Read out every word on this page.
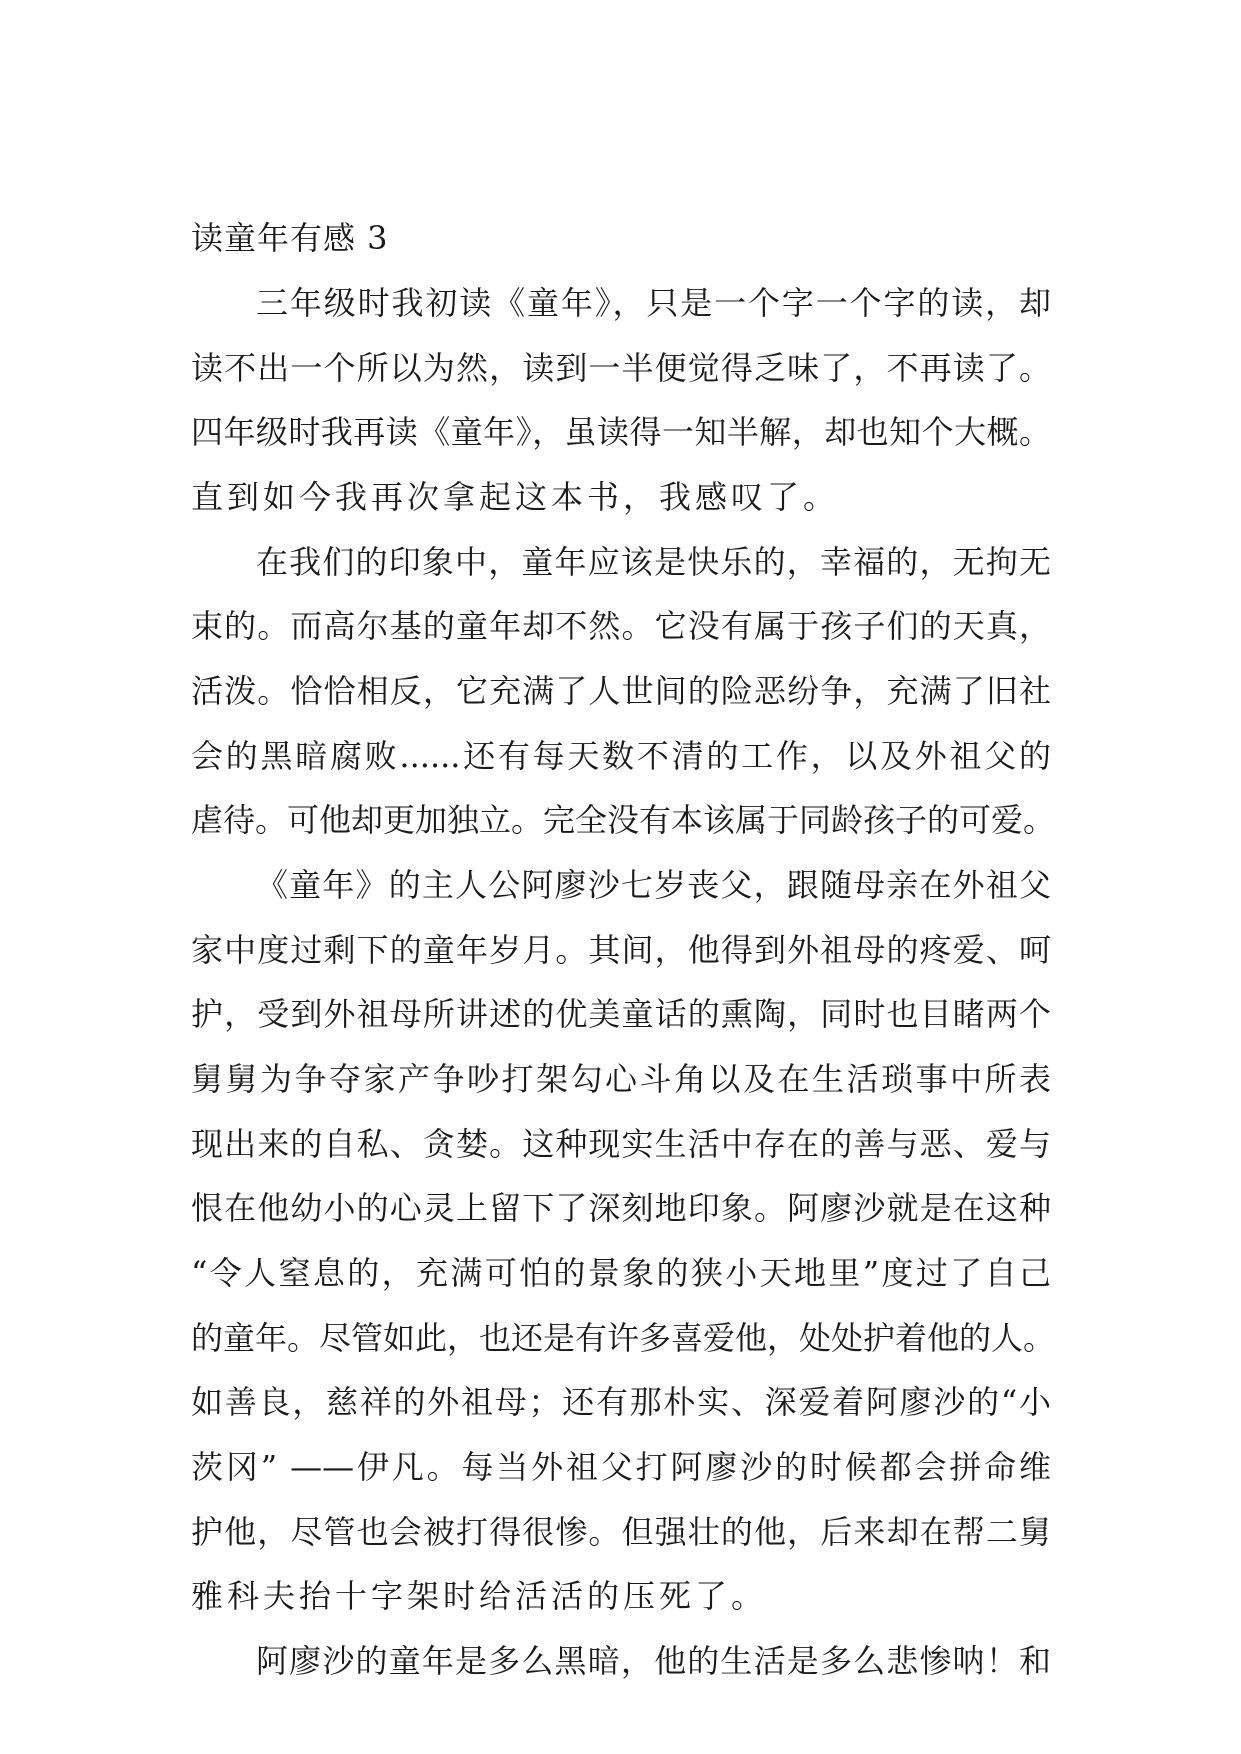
读童年有感 3
三年级时我初读《童年》，只是一个字一个字的读，却
读不出一个所以为然，读到一半便觉得乏味了，不再读了。
四年级时我再读《童年》，虽读得一知半解，却也知个大概。
直到如今我再次拿起这本书，我感叹了。
在我们的印象中，童年应该是快乐的，幸福的，无拘无
束的。而高尔基的童年却不然。它没有属于孩子们的天真，
活泼。恰恰相反，它充满了人世间的险恶纷争，充满了旧社
会的黑暗腐败......还有每天数不清的工作，以及外祖父的
虐待。可他却更加独立。完全没有本该属于同龄孩子的可爱。
《童年》的主人公阿廖沙七岁丧父，跟随母亲在外祖父
家中度过剩下的童年岁月。其间，他得到外祖母的疼爱、呵
护，受到外祖母所讲述的优美童话的熏陶，同时也目睹两个
舅舅为争夺家产争吵打架勾心斗角以及在生活琐事中所表
现出来的自私、贪婪。这种现实生活中存在的善与恶、爱与
恨在他幼小的心灵上留下了深刻地印象。阿廖沙就是在这种
“令人窒息的，充满可怕的景象的狭小天地里”度过了自己
的童年。尽管如此，也还是有许多喜爱他，处处护着他的人。
如善良，慈祥的外祖母；还有那朴实、深爱着阿廖沙的“小
茨冈” ——伊凡。每当外祖父打阿廖沙的时候都会拼命维
护他，尽管也会被打得很惨。但强壮的他，后来却在帮二舅
雅科夫抬十字架时给活活的压死了。
阿廖沙的童年是多么黑暗，他的生活是多么悲惨呐！和
